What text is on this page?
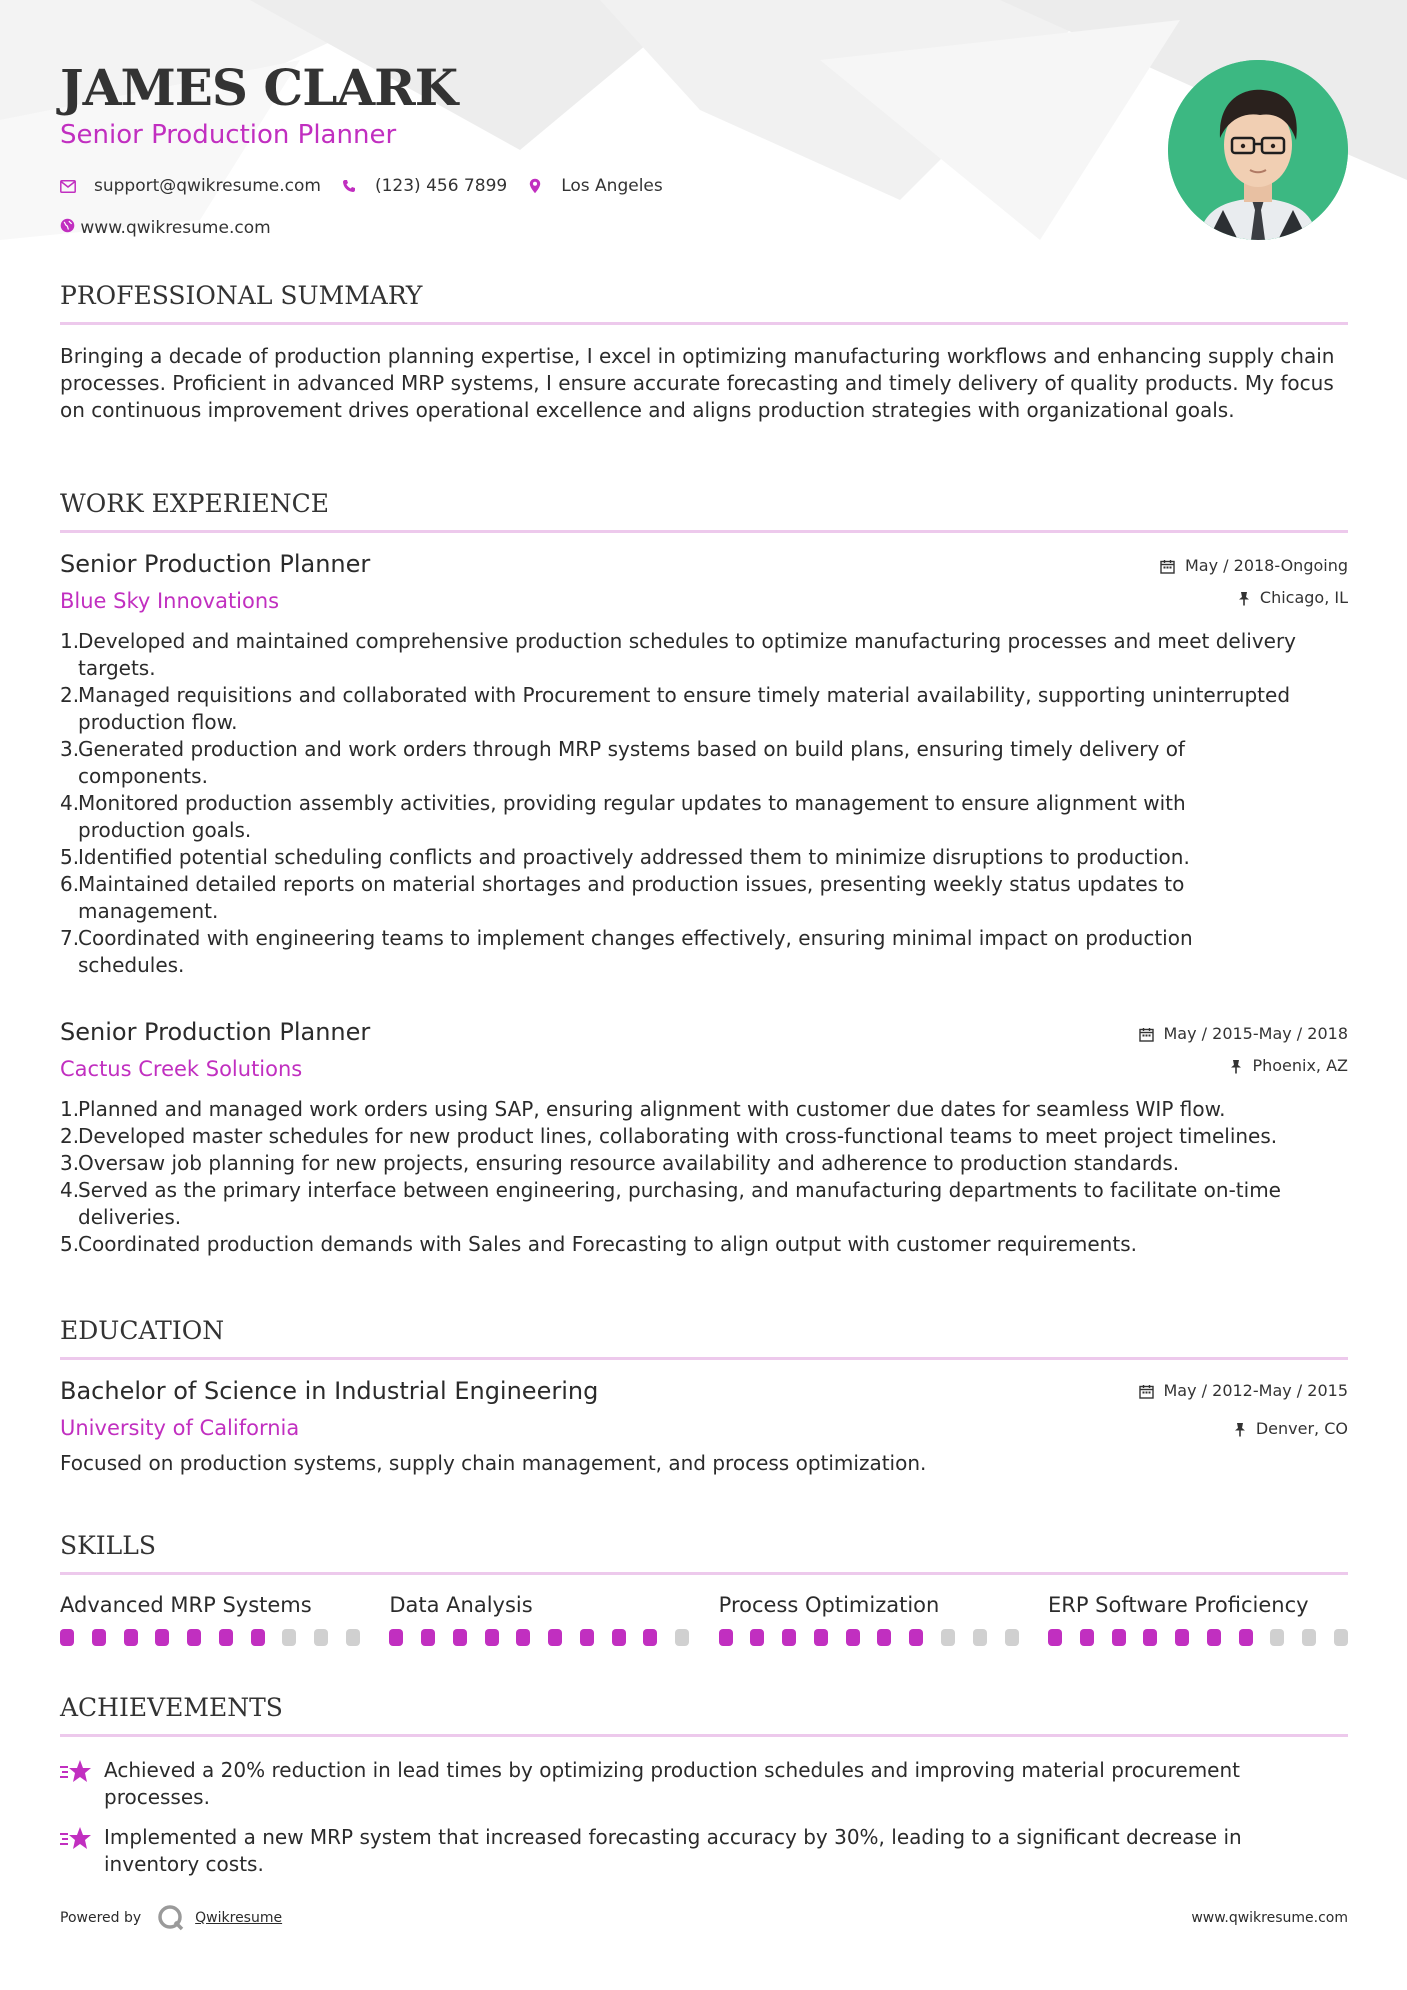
JAMES CLARK
Senior Production Planner
support@qwikresume.com	(123) 456 7899	Los Angeles
www.qwikresume.com
PROFESSIONAL SUMMARY
Bringing a decade of production planning expertise, I excel in optimizing manufacturing workflows and enhancing supply chain processes. Proficient in advanced MRP systems, I ensure accurate forecasting and timely delivery of quality products. My focus on continuous improvement drives operational excellence and aligns production strategies with organizational goals.
WORK EXPERIENCE
Senior Production Planner
Blue Sky Innovations
May / 2018-Ongoing
Chicago, IL
1.
Developed and maintained comprehensive production schedules to optimize manufacturing processes and meet delivery targets.
2.
Managed requisitions and collaborated with Procurement to ensure timely material availability, supporting uninterrupted production flow.
3.
Generated production and work orders through MRP systems based on build plans, ensuring timely delivery of components.
4.
Monitored production assembly activities, providing regular updates to management to ensure alignment with production goals.
5.
Identified potential scheduling conflicts and proactively addressed them to minimize disruptions to production.
6.
Maintained detailed reports on material shortages and production issues, presenting weekly status updates to management.
7.
Coordinated with engineering teams to implement changes effectively, ensuring minimal impact on production schedules.
Senior Production Planner
Cactus Creek Solutions
May / 2015-May / 2018
Phoenix, AZ
1.
Planned and managed work orders using SAP, ensuring alignment with customer due dates for seamless WIP flow.
2.
Developed master schedules for new product lines, collaborating with cross-functional teams to meet project timelines.
3.
Oversaw job planning for new projects, ensuring resource availability and adherence to production standards.
4.
Served as the primary interface between engineering, purchasing, and manufacturing departments to facilitate on-time deliveries.
5.
Coordinated production demands with Sales and Forecasting to align output with customer requirements.
EDUCATION
Bachelor of Science in Industrial Engineering
University of California
May / 2012-May / 2015
Denver, CO
Focused on production systems, supply chain management, and process optimization.
SKILLS
Advanced MRP Systems	Data Analysis	Process Optimization	ERP Software Proficiency
ACHIEVEMENTS
Achieved a 20% reduction in lead times by optimizing production schedules and improving material procurement processes.
Implemented a new MRP system that increased forecasting accuracy by 30%, leading to a significant decrease in inventory costs.
Powered by	Qwikresume	www.qwikresume.com
